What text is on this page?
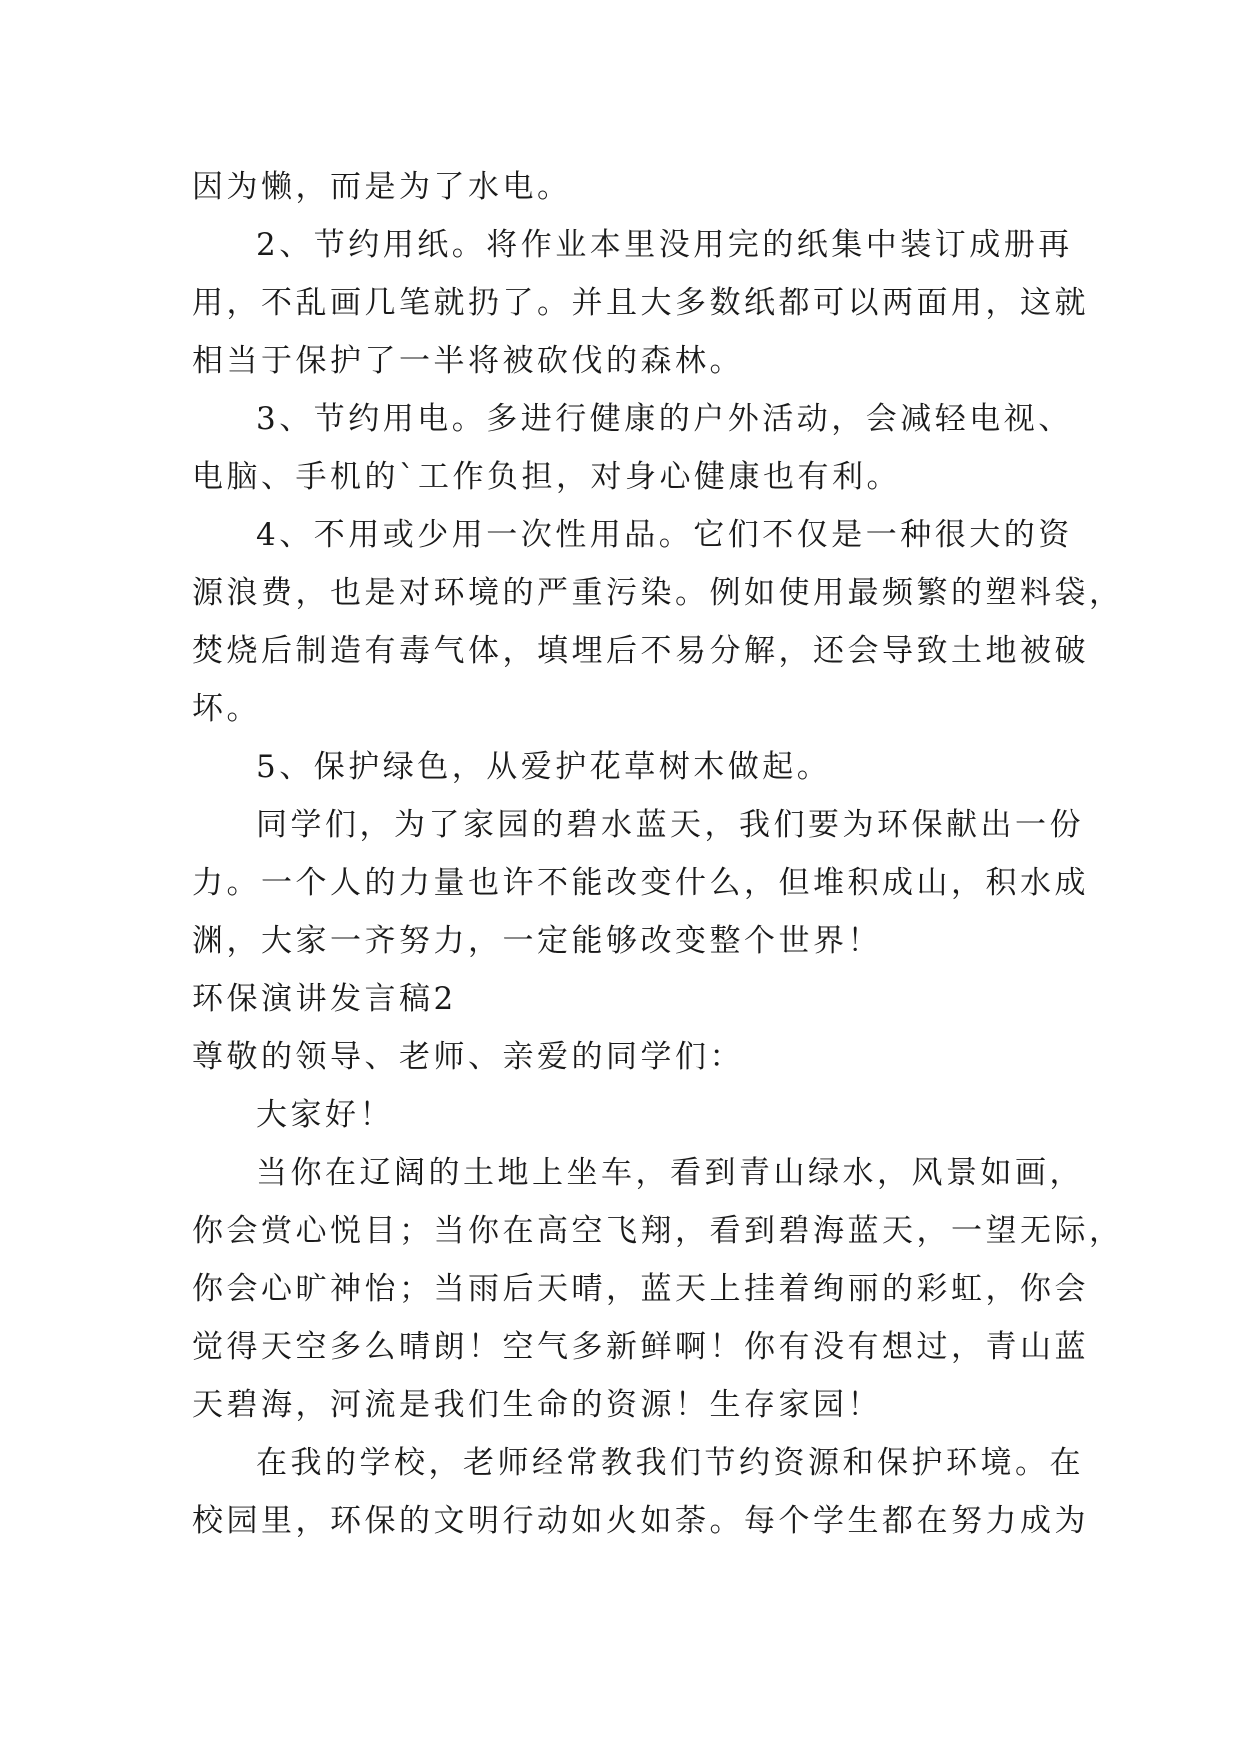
因为懒，而是为了水电。
2、节约用纸。将作业本里没用完的纸集中装订成册再
用，不乱画几笔就扔了。并且大多数纸都可以两面用，这就
相当于保护了一半将被砍伐的森林。
3、节约用电。多进行健康的户外活动，会减轻电视、
电脑、手机的`工作负担，对身心健康也有利。
4、不用或少用一次性用品。它们不仅是一种很大的资
源浪费，也是对环境的严重污染。例如使用最频繁的塑料袋，
焚烧后制造有毒气体，填埋后不易分解，还会导致土地被破
坏。
5、保护绿色，从爱护花草树木做起。
同学们，为了家园的碧水蓝天，我们要为环保献出一份
力。一个人的力量也许不能改变什么，但堆积成山，积水成
渊，大家一齐努力，一定能够改变整个世界！
环保演讲发言稿2
尊敬的领导、老师、亲爱的同学们：
大家好！
当你在辽阔的土地上坐车，看到青山绿水，风景如画，
你会赏心悦目；当你在高空飞翔，看到碧海蓝天，一望无际，
你会心旷神怡；当雨后天晴，蓝天上挂着绚丽的彩虹，你会
觉得天空多么晴朗！空气多新鲜啊！你有没有想过，青山蓝
天碧海，河流是我们生命的资源！生存家园！
在我的学校，老师经常教我们节约资源和保护环境。在
校园里，环保的文明行动如火如荼。每个学生都在努力成为
